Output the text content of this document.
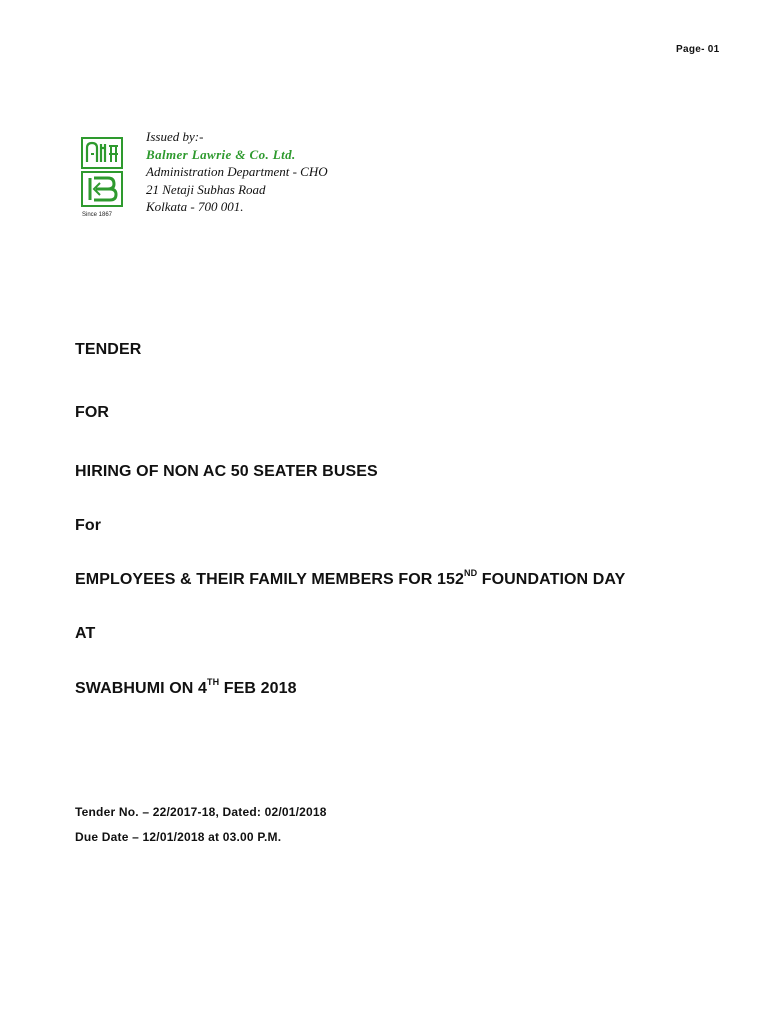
Page- 01
Since 1867
Issued by:-
Balmer Lawrie & Co. Ltd.
Administration Department - CHO
21 Netaji Subhas Road
Kolkata - 700 001.
TENDER
FOR
HIRING OF NON AC 50 SEATER BUSES
For
EMPLOYEES & THEIR FAMILY MEMBERS FOR 152ND FOUNDATION DAY
AT
SWABHUMI ON 4TH FEB 2018
Tender No. – 22/2017-18, Dated: 02/01/2018
Due Date – 12/01/2018 at 03.00 P.M.
